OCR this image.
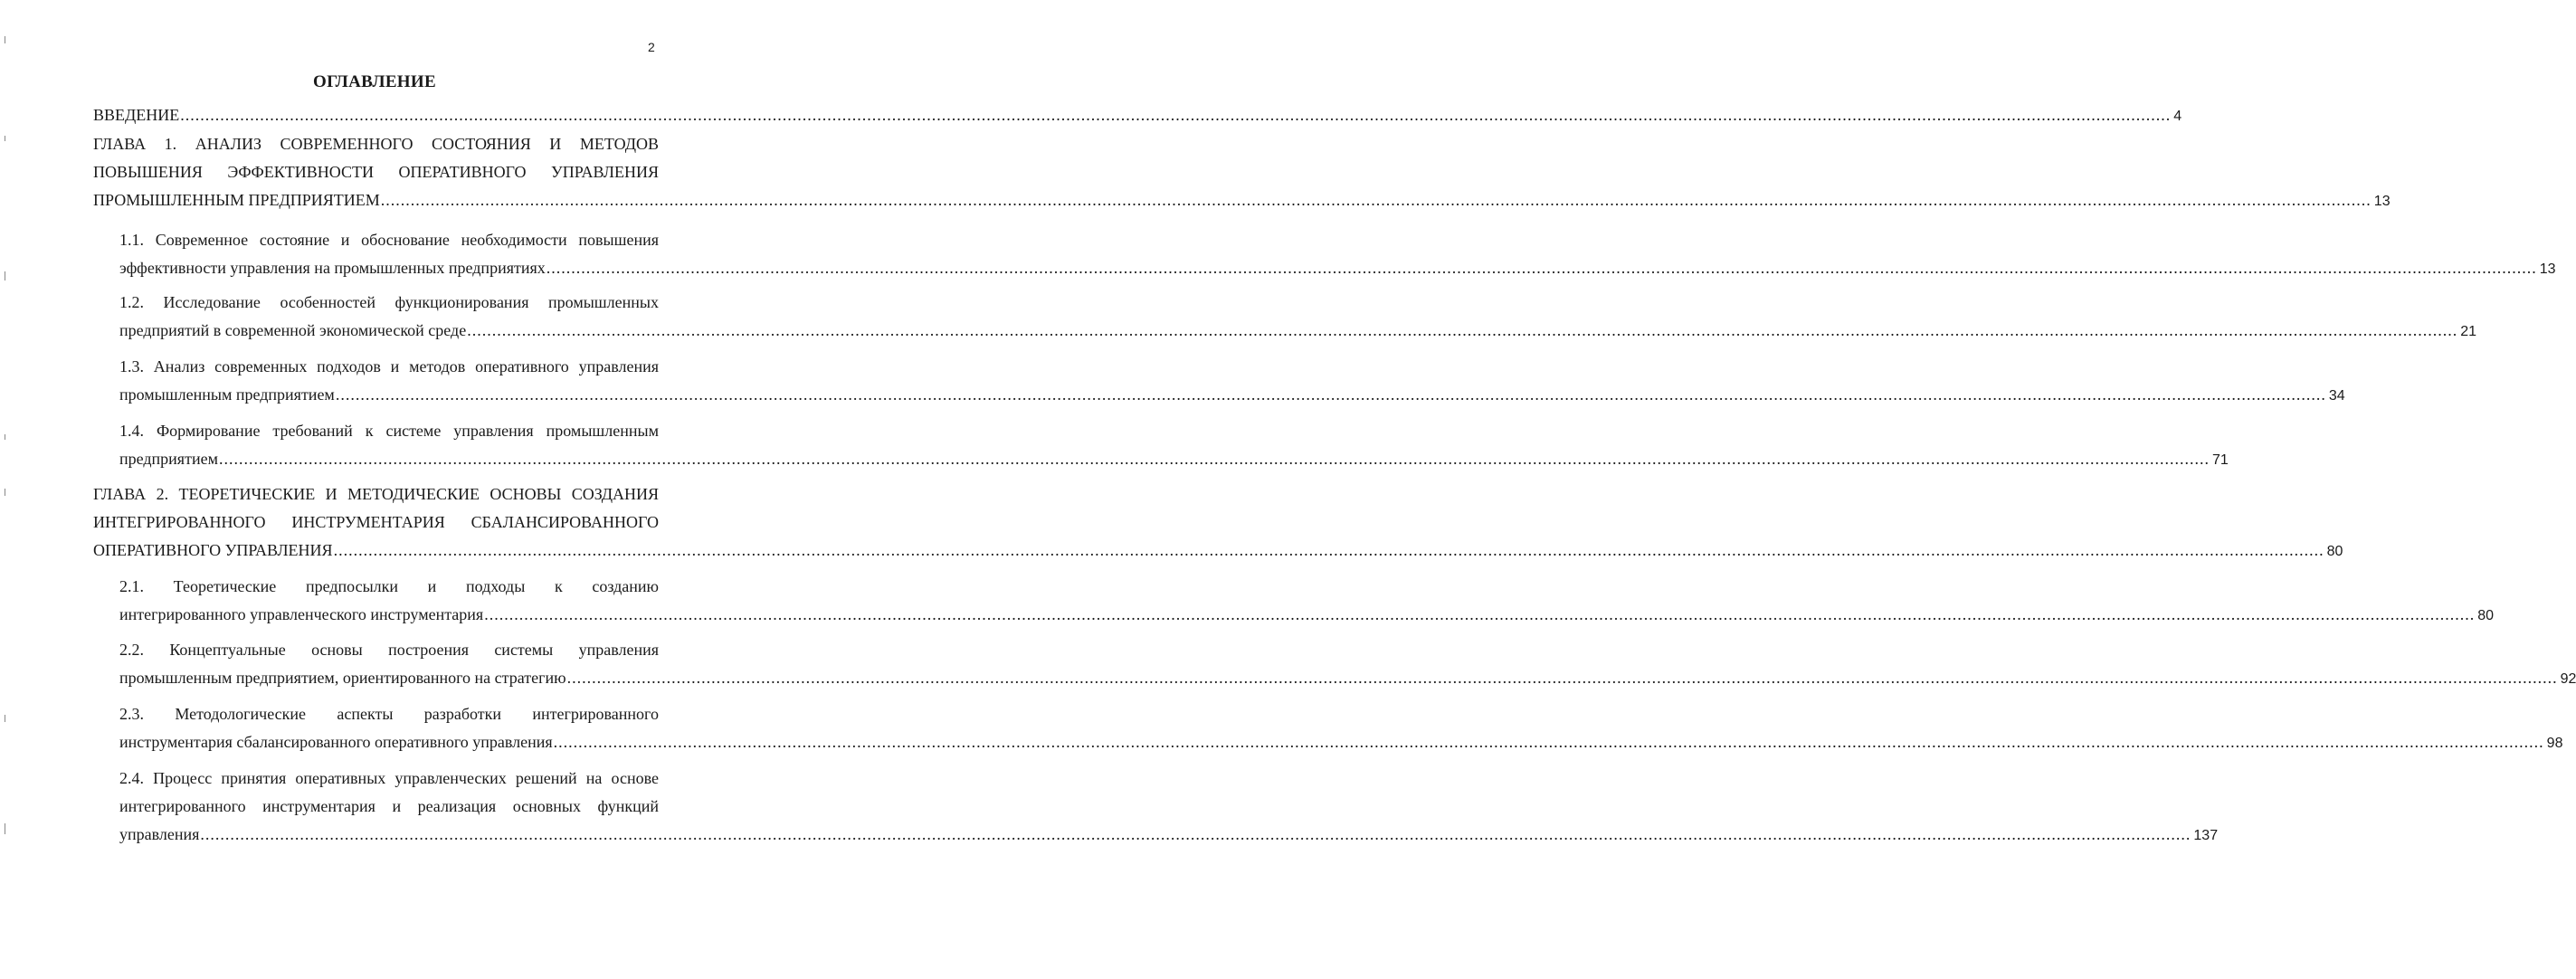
2
ОГЛАВЛЕНИЕ
ВВЕДЕНИЕ ................................................................................................................................................................................................................................................................................................................................................................................................................ 4
ГЛАВА 1. АНАЛИЗ СОВРЕМЕННОГО СОСТОЯНИЯ И МЕТОДОВ
ПОВЫШЕНИЯ ЭФФЕКТИВНОСТИ ОПЕРАТИВНОГО УПРАВЛЕНИЯ
ПРОМЫШЛЕННЫМ ПРЕДПРИЯТИЕМ ................................................................................................................................................................................................................................................................................................................................................................................................................ 13
1.1. Современное состояние и обоснование необходимости повышения
эффективности управления на промышленных предприятиях ................................................................................................................................................................................................................................................................................................................................................................................................................ 13
1.2. Исследование особенностей функционирования промышленных
предприятий в современной экономической среде ................................................................................................................................................................................................................................................................................................................................................................................................................ 21
1.3. Анализ современных подходов и методов оперативного управления
промышленным предприятием ................................................................................................................................................................................................................................................................................................................................................................................................................ 34
1.4. Формирование требований к системе управления промышленным
предприятием ................................................................................................................................................................................................................................................................................................................................................................................................................ 71
ГЛАВА 2. ТЕОРЕТИЧЕСКИЕ И МЕТОДИЧЕСКИЕ ОСНОВЫ СОЗДАНИЯ
ИНТЕГРИРОВАННОГО ИНСТРУМЕНТАРИЯ СБАЛАНСИРОВАННОГО
ОПЕРАТИВНОГО УПРАВЛЕНИЯ ................................................................................................................................................................................................................................................................................................................................................................................................................ 80
2.1. Теоретические предпосылки и подходы к созданию
интегрированного управленческого инструментария ................................................................................................................................................................................................................................................................................................................................................................................................................ 80
2.2. Концептуальные основы построения системы управления
промышленным предприятием, ориентированного на стратегию ................................................................................................................................................................................................................................................................................................................................................................................................................ 92
2.3. Методологические аспекты разработки интегрированного
инструментария сбалансированного оперативного управления ................................................................................................................................................................................................................................................................................................................................................................................................................ 98
2.4. Процесс принятия оперативных управленческих решений на основе
интегрированного инструментария и реализация основных функций
управления ................................................................................................................................................................................................................................................................................................................................................................................................................ 137
